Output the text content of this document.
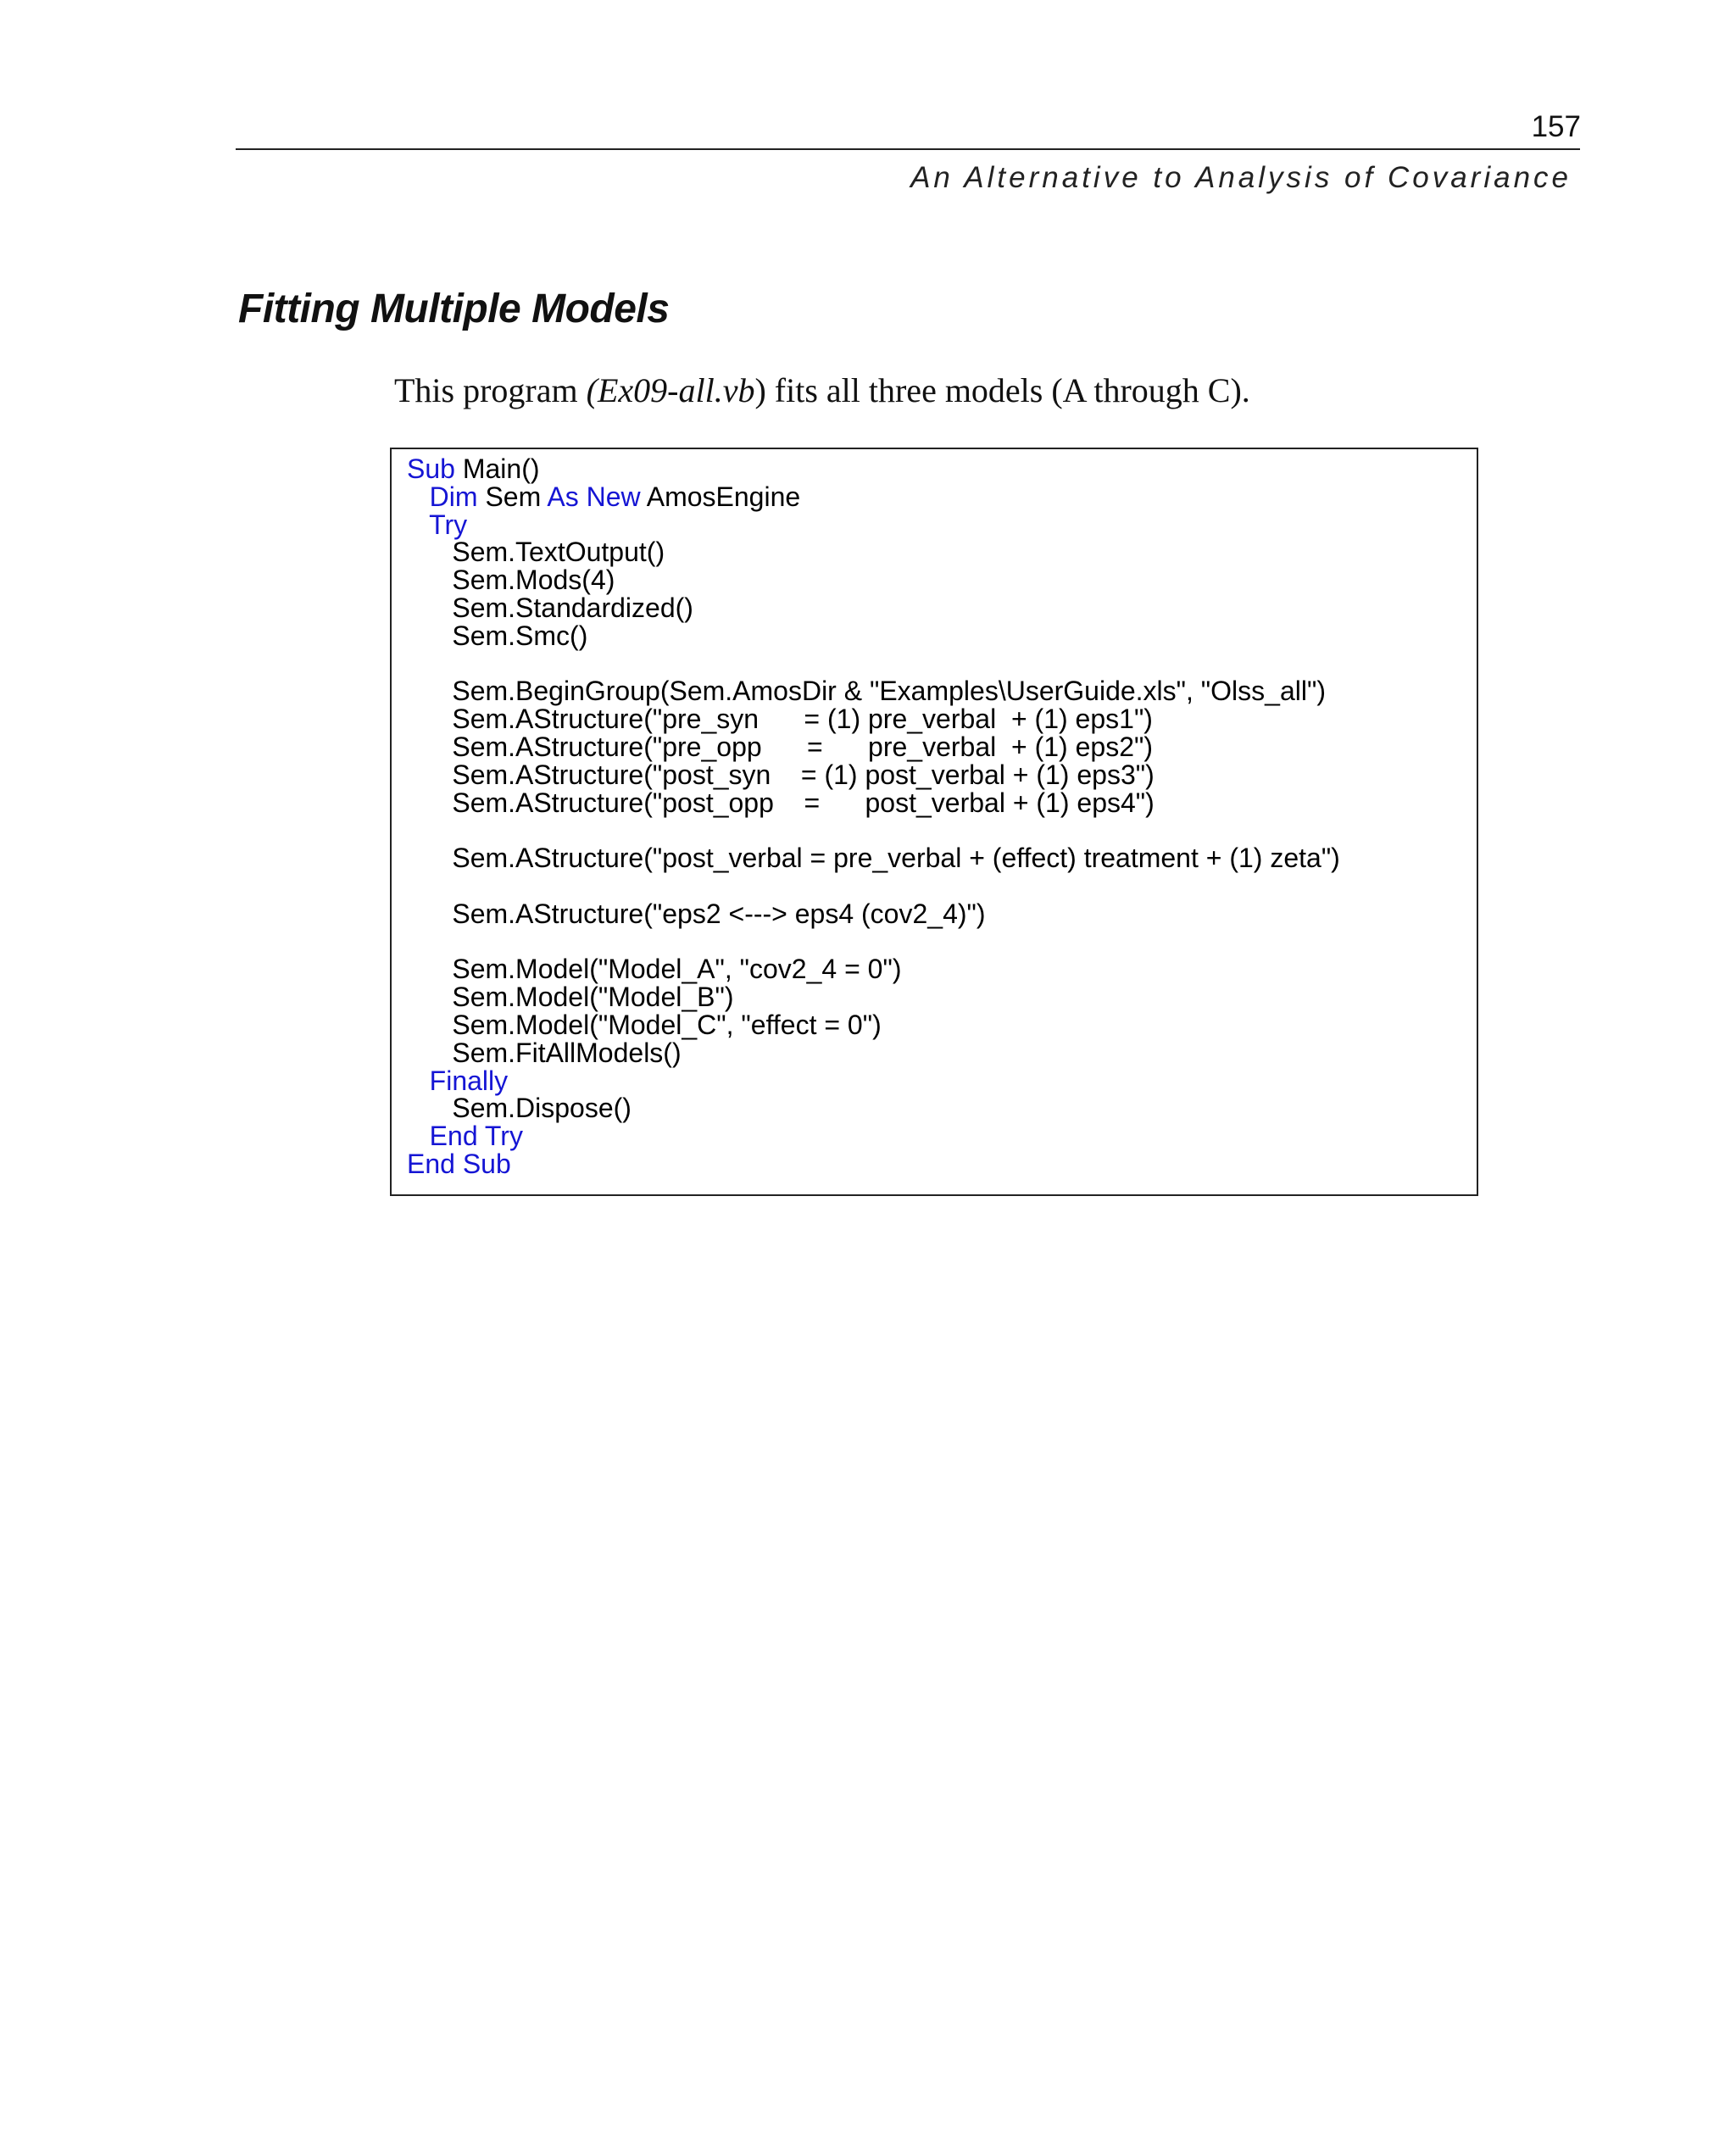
157
An Alternative to Analysis of Covariance
Fitting Multiple Models

This program (Ex09-all.vb) fits all three models (A through C).

Sub Main()
Dim Sem As New AmosEngine
Try
Sem.TextOutput()
Sem.Mods(4)
Sem.Standardized()
Sem.Smc()
Sem.BeginGroup(Sem.AmosDir & "Examples\UserGuide.xls", "Olss_all")
Sem.AStructure("pre_syn      = (1) pre_verbal  + (1) eps1")
Sem.AStructure("pre_opp      =      pre_verbal  + (1) eps2")
Sem.AStructure("post_syn    = (1) post_verbal + (1) eps3")
Sem.AStructure("post_opp    =      post_verbal + (1) eps4")
Sem.AStructure("post_verbal = pre_verbal + (effect) treatment + (1) zeta")
Sem.AStructure("eps2 <---> eps4 (cov2_4)")
Sem.Model("Model_A", "cov2_4 = 0")
Sem.Model("Model_B")
Sem.Model("Model_C", "effect = 0")
Sem.FitAllModels()
Finally
Sem.Dispose()
End Try
End Sub
